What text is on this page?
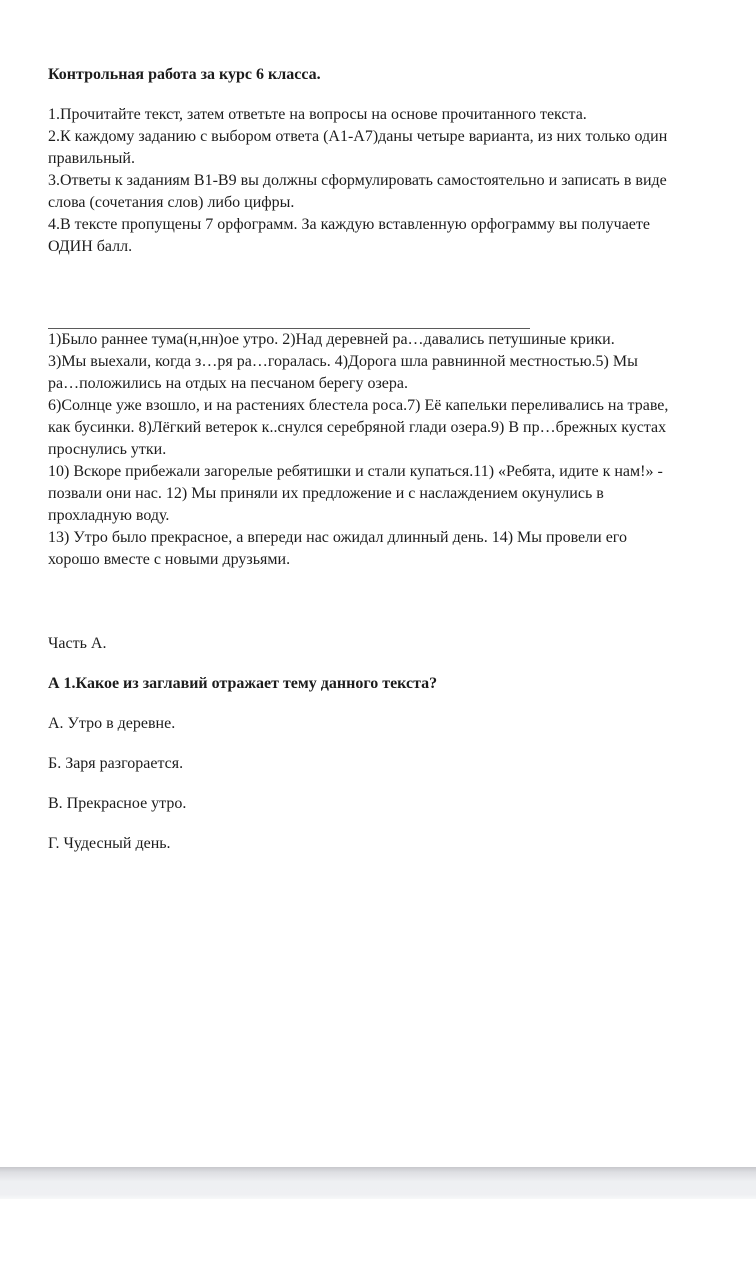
Контрольная работа за курс 6 класса.

1.Прочитайте текст, затем ответьте на вопросы на основе прочитанного текста.

2.К каждому заданию с выбором ответа (А1-А7)даны четыре варианта, из них только один
правильный.

3.Ответы к заданиям В1-В9 вы должны сформулировать самостоятельно и записать в виде
слова (сочетания слов) либо цифры.

4.В тексте пропущены 7 орфограмм. За каждую вставленную орфограмму вы получаете
ОДИН балл.

1)Было раннее тума(н,нн)ое утро. 2)Над деревней ра…давались петушиные крики.

3)Мы выехали, когда з…ря ра…горалась. 4)Дорога шла равнинной местностью.5) Мы
ра…положились на отдых на песчаном берегу озера.

6)Солнце уже взошло, и на растениях блестела роса.7) Её капельки переливались на траве,
как бусинки. 8)Лёгкий ветерок к..снулся серебряной глади озера.9) В пр…брежных кустах
проснулись утки.

10) Вскоре прибежали загорелые ребятишки и стали купаться.11) «Ребята, идите к нам!» -
позвали они нас. 12) Мы приняли их предложение и с наслаждением окунулись в
прохладную воду.

13) Утро было прекрасное, а впереди нас ожидал длинный день. 14) Мы провели его
хорошо вместе с новыми друзьями.

Часть А.
А 1.Какое из заглавий отражает тему данного текста?
А. Утро в деревне.
Б. Заря разгорается.
В. Прекрасное утро.
Г. Чудесный день.
